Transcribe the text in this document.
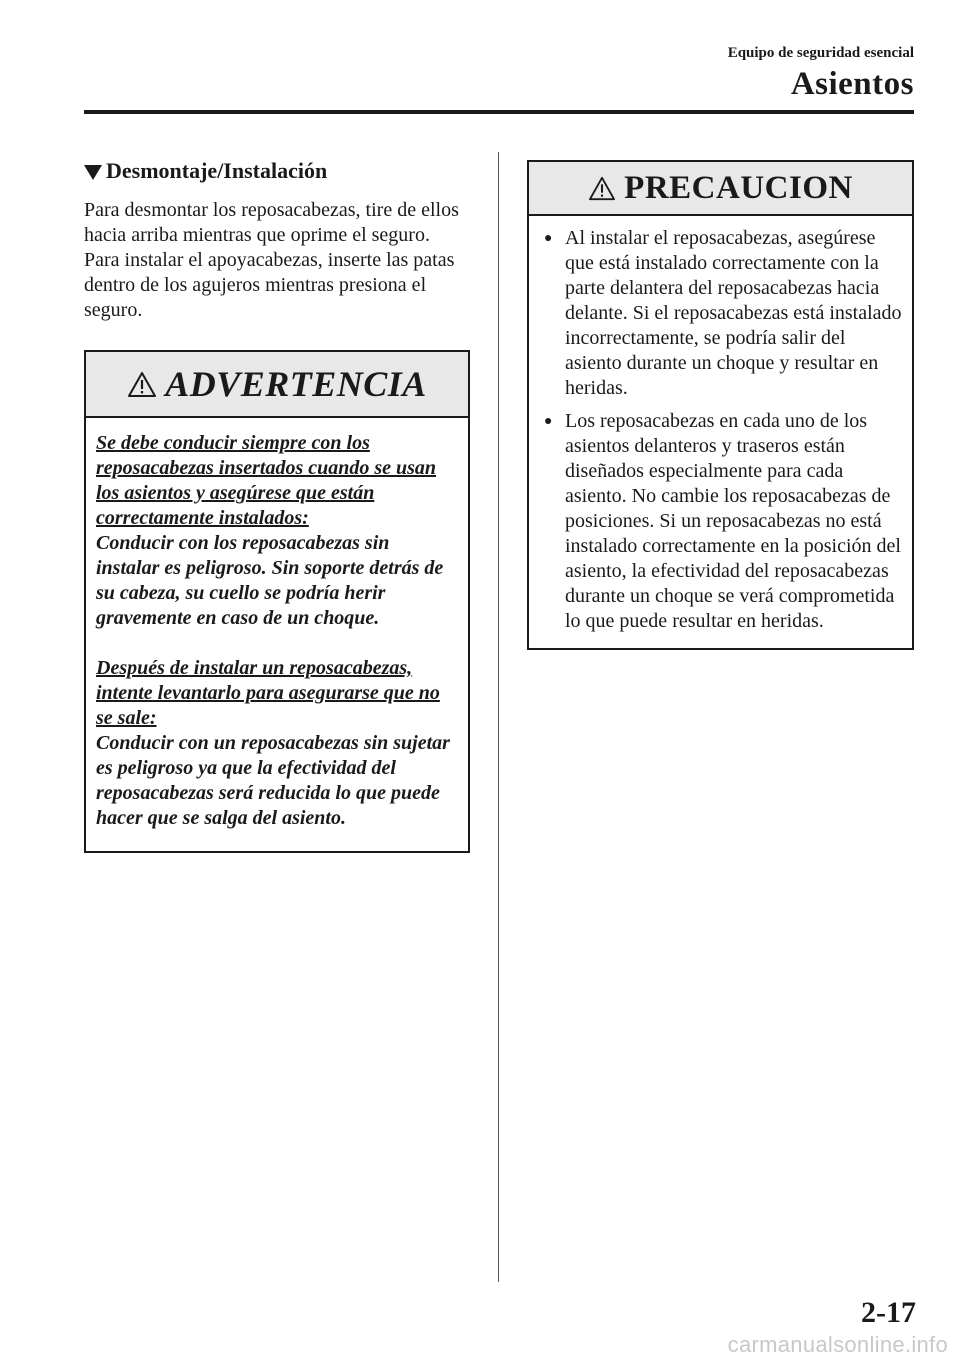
Equipo de seguridad esencial
Asientos
Desmontaje/Instalación

Para desmontar los reposacabezas, tire de ellos hacia arriba mientras que oprime el seguro.

Para instalar el apoyacabezas, inserte las patas dentro de los agujeros mientras presiona el seguro.

ADVERTENCIA

Se debe conducir siempre con los reposacabezas insertados cuando se usan los asientos y asegúrese que están correctamente instalados:

Conducir con los reposacabezas sin instalar es peligroso. Sin soporte detrás de su cabeza, su cuello se podría herir gravemente en caso de un choque.

Después de instalar un reposacabezas, intente levantarlo para asegurarse que no se sale:

Conducir con un reposacabezas sin sujetar es peligroso ya que la efectividad del reposacabezas será reducida lo que puede hacer que se salga del asiento.

PRECAUCION
● Al instalar el reposacabezas, asegúrese que está instalado correctamente con la parte delantera del reposacabezas hacia delante. Si el reposacabezas está instalado incorrectamente, se podría salir del asiento durante un choque y resultar en heridas.
● Los reposacabezas en cada uno de los asientos delanteros y traseros están diseñados especialmente para cada asiento. No cambie los reposacabezas de posiciones. Si un reposacabezas no está instalado correctamente en la posición del asiento, la efectividad del reposacabezas durante un choque se verá comprometida lo que puede resultar en heridas.
2-17
carmanualsonline.info
